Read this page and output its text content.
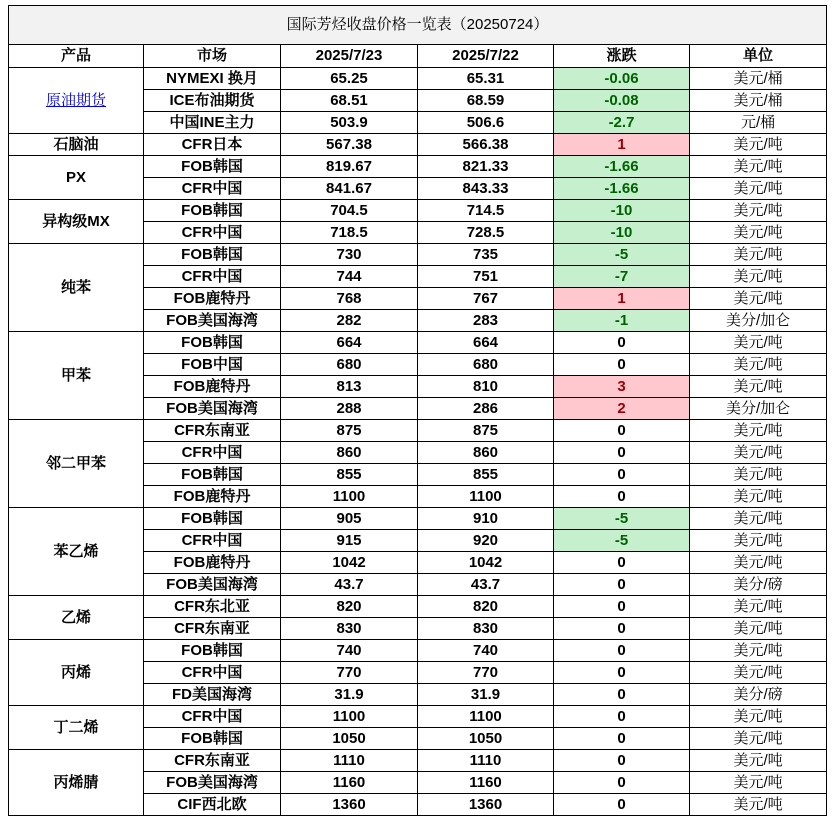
国际芳烃收盘价格一览表（20250724）					
产品	市场	2025/7/23	2025/7/22	涨跌	单位
原油期货	NYMEXI 换月	65.25	65.31	-0.06	美元/桶
	ICE布油期货	68.51	68.59	-0.08	美元/桶
	中国INE主力	503.9	506.6	-2.7	元/桶
石脑油	CFR日本	567.38	566.38	1	美元/吨
PX	FOB韩国	819.67	821.33	-1.66	美元/吨
	CFR中国	841.67	843.33	-1.66	美元/吨
异构级MX	FOB韩国	704.5	714.5	-10	美元/吨
	CFR中国	718.5	728.5	-10	美元/吨
纯苯	FOB韩国	730	735	-5	美元/吨
	CFR中国	744	751	-7	美元/吨
	FOB鹿特丹	768	767	1	美元/吨
	FOB美国海湾	282	283	-1	美分/加仑
甲苯	FOB韩国	664	664	0	美元/吨
	FOB中国	680	680	0	美元/吨
	FOB鹿特丹	813	810	3	美元/吨
	FOB美国海湾	288	286	2	美分/加仑
邻二甲苯	CFR东南亚	875	875	0	美元/吨
	CFR中国	860	860	0	美元/吨
	FOB韩国	855	855	0	美元/吨
	FOB鹿特丹	1100	1100	0	美元/吨
苯乙烯	FOB韩国	905	910	-5	美元/吨
	CFR中国	915	920	-5	美元/吨
	FOB鹿特丹	1042	1042	0	美元/吨
	FOB美国海湾	43.7	43.7	0	美分/磅
乙烯	CFR东北亚	820	820	0	美元/吨
	CFR东南亚	830	830	0	美元/吨
丙烯	FOB韩国	740	740	0	美元/吨
	CFR中国	770	770	0	美元/吨
	FD美国海湾	31.9	31.9	0	美分/磅
丁二烯	CFR中国	1100	1100	0	美元/吨
	FOB韩国	1050	1050	0	美元/吨
丙烯腈	CFR东南亚	1110	1110	0	美元/吨
	FOB美国海湾	1160	1160	0	美元/吨
	CIF西北欧	1360	1360	0	美元/吨
